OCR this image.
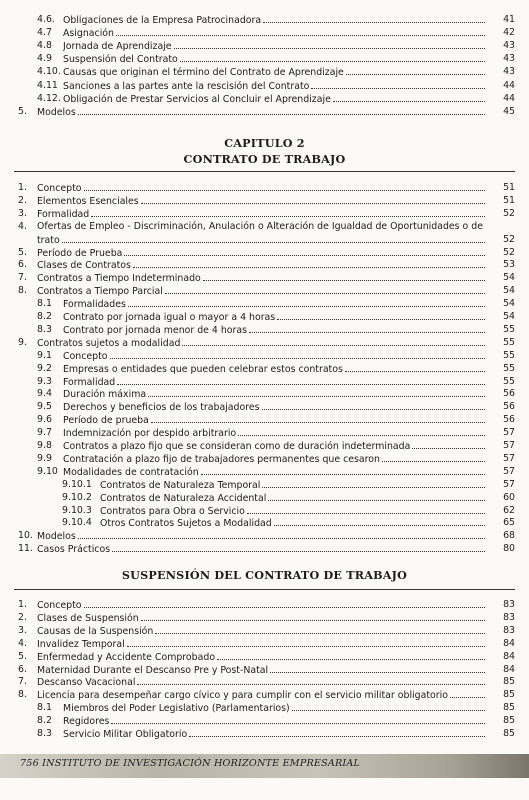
4.6. Obligaciones de la Empresa Patrocinadora	41
4.7 Asignación	42
4.8 Jornada de Aprendizaje	43
4.9 Suspensión del Contrato	43
4.10. Causas que originan el término del Contrato de Aprendizaje	43
4.11 Sanciones a las partes ante la rescisión del Contrato	44
4.12. Obligación de Prestar Servicios al Concluir el Aprendizaje	44
5. Modelos	45
CAPITULO 2
CONTRATO DE TRABAJO
1. Concepto	51
2. Elementos Esenciales	51
3. Formalidad	52
4. Ofertas de Empleo - Discriminación, Anulación o Alteración de Igualdad de Oportunidades o de
trato	52
5. Período de Prueba	52
6. Clases de Contratos	53
7. Contratos a Tiempo Indeterminado	54
8. Contratos a Tiempo Parcial	54
8.1 Formalidades	54
8.2 Contrato por jornada igual o mayor a 4 horas	54
8.3 Contrato por jornada menor de 4 horas	55
9. Contratos sujetos a modalidad	55
9.1 Concepto	55
9.2 Empresas o entidades que pueden celebrar estos contratos	55
9.3 Formalidad	55
9.4 Duración máxima	56
9.5 Derechos y beneficios de los trabajadores	56
9.6 Período de prueba	56
9.7 Indemnización por despido arbitrario	57
9.8 Contratos a plazo fijo que se consideran como de duración indeterminada	57
9.9 Contratación a plazo fijo de trabajadores permanentes que cesaron	57
9.10 Modalidades de contratación	57
9.10.1 Contratos de Naturaleza Temporal	57
9.10.2 Contratos de Naturaleza Accidental	60
9.10.3 Contratos para Obra o Servicio	62
9.10.4 Otros Contratos Sujetos a Modalidad	65
10. Modelos	68
11. Casos Prácticos	80
SUSPENSIÓN DEL CONTRATO DE TRABAJO
1. Concepto	83
2. Clases de Suspensión	83
3. Causas de la Suspensión	83
4. Invalidez Temporal	84
5. Enfermedad y Accidente Comprobado	84
6. Maternidad Durante el Descanso Pre y Post-Natal	84
7. Descanso Vacacional	85
8. Licencia para desempeñar cargo cívico y para cumplir con el servicio militar obligatorio	85
8.1 Miembros del Poder Legislativo (Parlamentarios)	85
8.2 Regidores	85
8.3 Servicio Militar Obligatorio	85
756 INSTITUTO DE INVESTIGACIÓN HORIZONTE EMPRESARIAL
